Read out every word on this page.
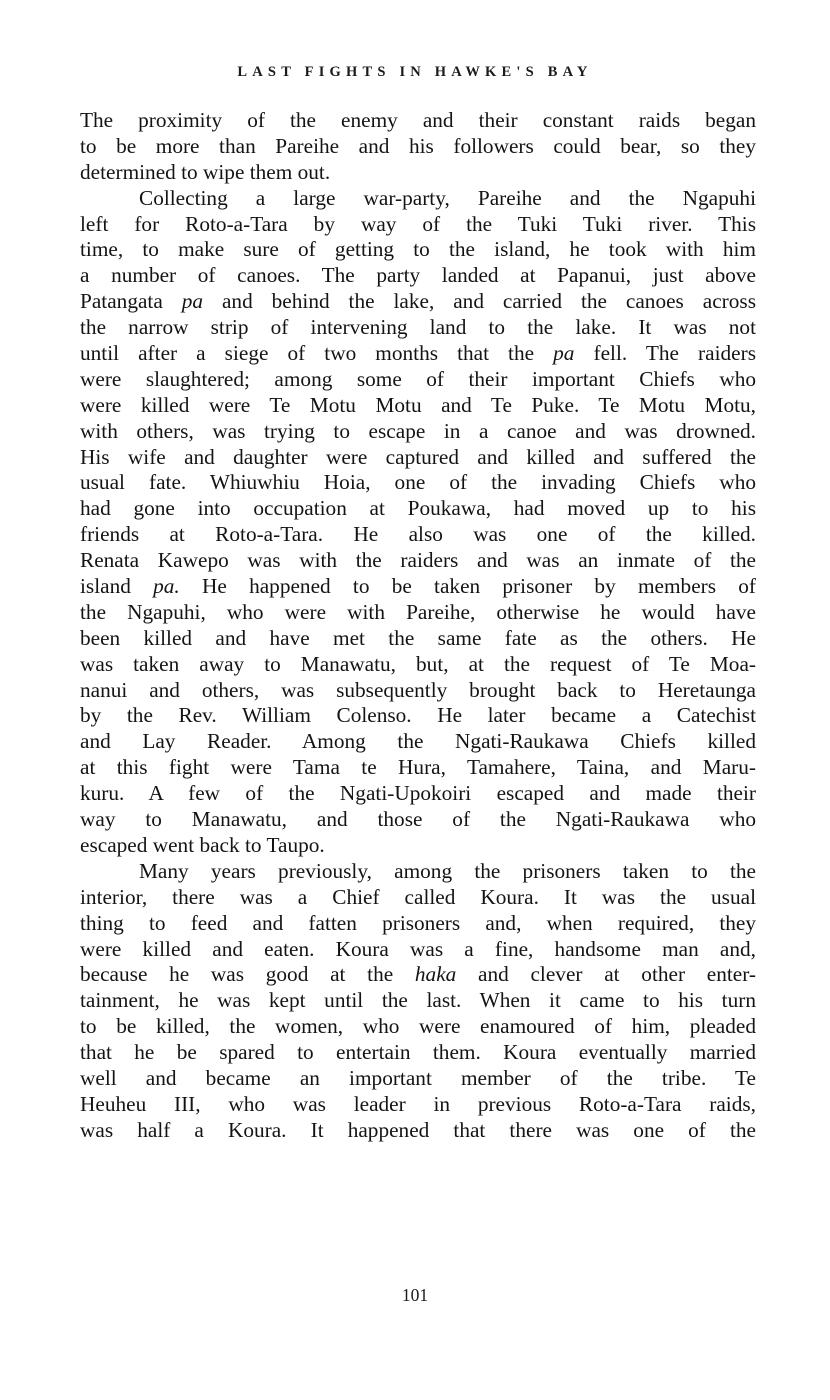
LAST FIGHTS IN HAWKE'S BAY
The proximity of the enemy and their constant raids began
to be more than Pareihe and his followers could bear, so they
determined to wipe them out.
Collecting a large war-party, Pareihe and the Ngapuhi
left for Roto-a-Tara by way of the Tuki Tuki river. This
time, to make sure of getting to the island, he took with him
a number of canoes. The party landed at Papanui, just above
Patangata pa and behind the lake, and carried the canoes across
the narrow strip of intervening land to the lake. It was not
until after a siege of two months that the pa fell. The raiders
were slaughtered; among some of their important Chiefs who
were killed were Te Motu Motu and Te Puke. Te Motu Motu,
with others, was trying to escape in a canoe and was drowned.
His wife and daughter were captured and killed and suffered the
usual fate. Whiuwhiu Hoia, one of the invading Chiefs who
had gone into occupation at Poukawa, had moved up to his
friends at Roto-a-Tara. He also was one of the killed.
Renata Kawepo was with the raiders and was an inmate of the
island pa. He happened to be taken prisoner by members of
the Ngapuhi, who were with Pareihe, otherwise he would have
been killed and have met the same fate as the others. He
was taken away to Manawatu, but, at the request of Te Moa-
nanui and others, was subsequently brought back to Heretaunga
by the Rev. William Colenso. He later became a Catechist
and Lay Reader. Among the Ngati-Raukawa Chiefs killed
at this fight were Tama te Hura, Tamahere, Taina, and Maru-
kuru. A few of the Ngati-Upokoiri escaped and made their
way to Manawatu, and those of the Ngati-Raukawa who
escaped went back to Taupo.
Many years previously, among the prisoners taken to the
interior, there was a Chief called Koura. It was the usual
thing to feed and fatten prisoners and, when required, they
were killed and eaten. Koura was a fine, handsome man and,
because he was good at the haka and clever at other enter-
tainment, he was kept until the last. When it came to his turn
to be killed, the women, who were enamoured of him, pleaded
that he be spared to entertain them. Koura eventually married
well and became an important member of the tribe. Te
Heuheu III, who was leader in previous Roto-a-Tara raids,
was half a Koura. It happened that there was one of the
101
